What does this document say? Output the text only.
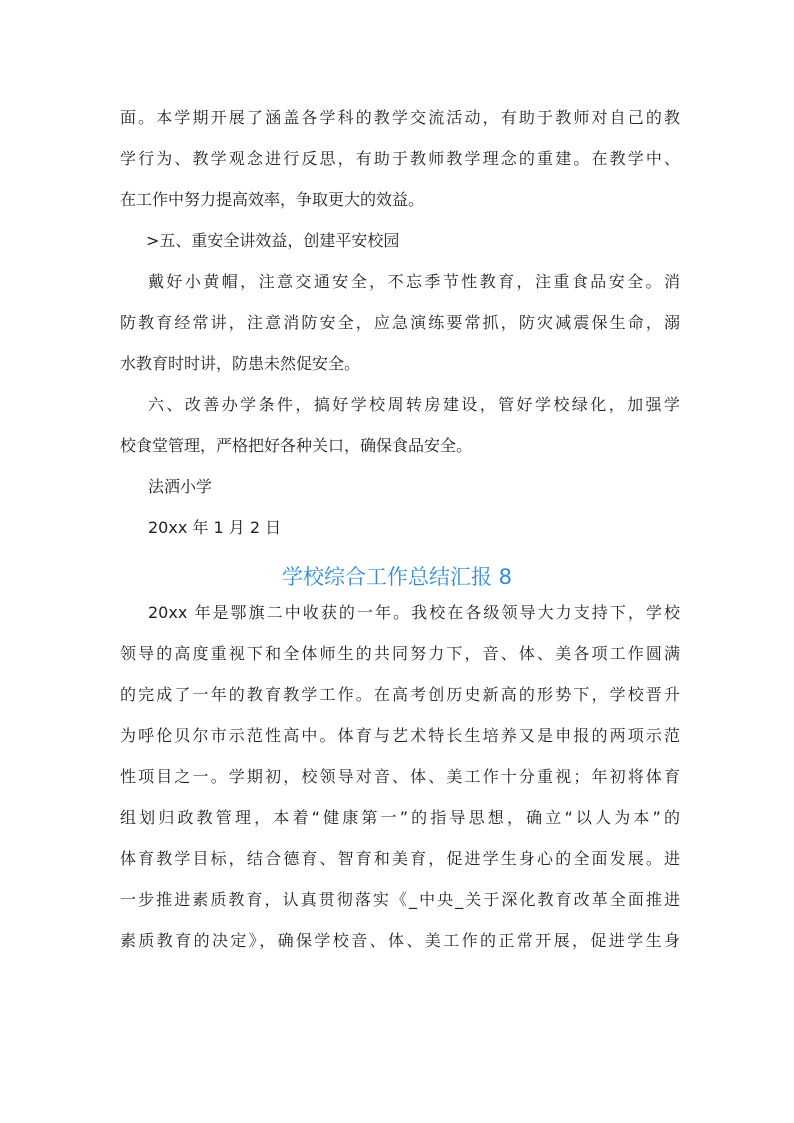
面。本学期开展了涵盖各学科的教学交流活动，有助于教师对自己的教
学行为、教学观念进行反思，有助于教师教学理念的重建。在教学中、
在工作中努力提高效率，争取更大的效益。
>五、重安全讲效益，创建平安校园
戴好小黄帽，注意交通安全，不忘季节性教育，注重食品安全。消
防教育经常讲，注意消防安全，应急演练要常抓，防灾减震保生命，溺
水教育时时讲，防患未然促安全。
六、改善办学条件，搞好学校周转房建设，管好学校绿化，加强学
校食堂管理，严格把好各种关口，确保食品安全。
法洒小学
20xx 年 1 月 2 日
学校综合工作总结汇报 8
20xx 年是鄂旗二中收获的一年。我校在各级领导大力支持下，学校
领导的高度重视下和全体师生的共同努力下，音、体、美各项工作圆满
的完成了一年的教育教学工作。在高考创历史新高的形势下，学校晋升
为呼伦贝尔市示范性高中。体育与艺术特长生培养又是申报的两项示范
性项目之一。学期初，校领导对音、体、美工作十分重视；年初将体育
组划归政教管理，本着“健康第一”的指导思想，确立“以人为本”的
体育教学目标，结合德育、智育和美育，促进学生身心的全面发展。进
一步推进素质教育，认真贯彻落实《_中央_关于深化教育改革全面推进
素质教育的决定》，确保学校音、体、美工作的正常开展，促进学生身
